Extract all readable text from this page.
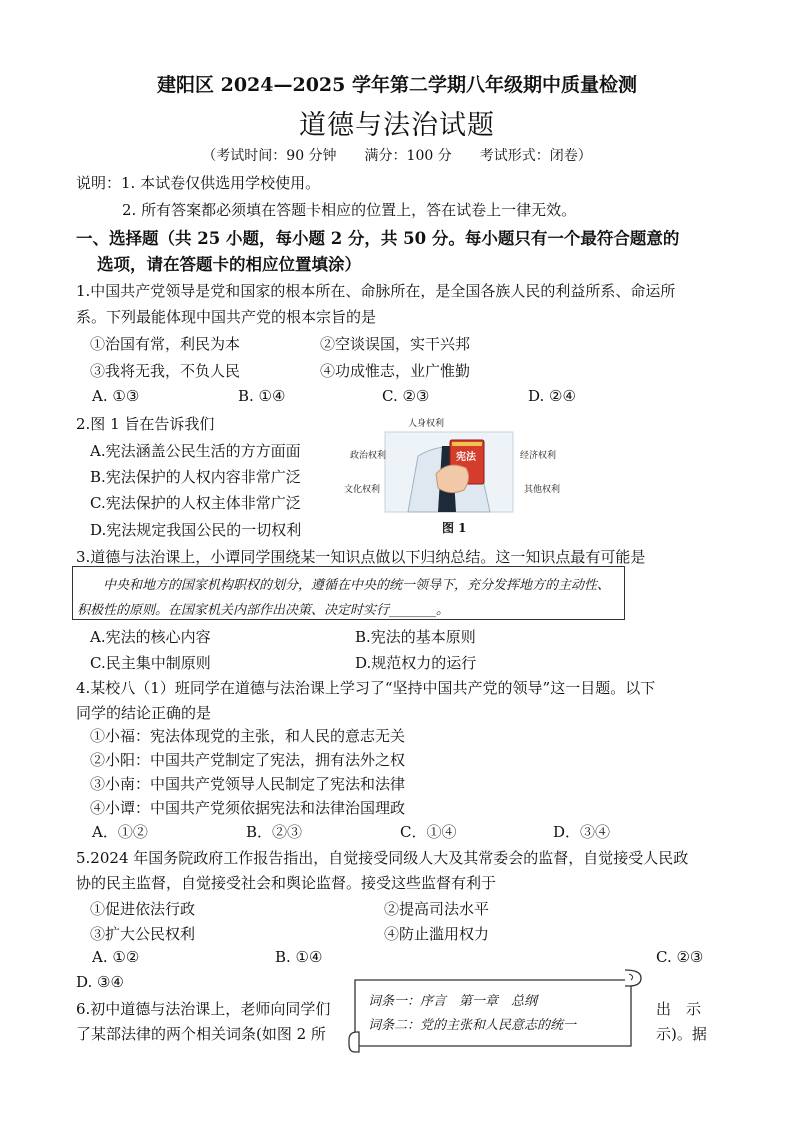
建阳区 2024—2025 学年第二学期八年级期中质量检测
道德与法治试题
（考试时间：90 分钟　　满分：100 分　　考试形式：闭卷）
说明：1. 本试卷仅供选用学校使用。
2. 所有答案都必须填在答题卡相应的位置上，答在试卷上一律无效。
一、选择题（共 25 小题，每小题 2 分，共 50 分。每小题只有一个最符合题意的
选项，请在答题卡的相应位置填涂）
1.中国共产党领导是党和国家的根本所在、命脉所在，是全国各族人民的利益所系、命运所
系。下列最能体现中国共产党的根本宗旨的是
①治国有常，利民为本	②空谈误国，实干兴邦
③我将无我，不负人民	④功成惟志，业广惟勤
A. ①③	B. ①④	C. ②③	D. ②④
2.图 1 旨在告诉我们
A.宪法涵盖公民生活的方方面面
B.宪法保护的人权内容非常广泛
C.宪法保护的人权主体非常广泛
D.宪法规定我国公民的一切权利
人身权利
政治权利
文化权利
经济权利
其他权利
宪法
图 1
3.道德与法治课上，小谭同学围绕某一知识点做以下归纳总结。这一知识点最有可能是
中央和地方的国家机构职权的划分，遵循在中央的统一领导下，充分发挥地方的主动性、
积极性的原则。在国家机关内部作出决策、决定时实行______。
A.宪法的核心内容	B.宪法的基本原则
C.民主集中制原则	D.规范权力的运行
4.某校八（1）班同学在道德与法治课上学习了“坚持中国共产党的领导”这一目题。以下
同学的结论正确的是
①小福：宪法体现党的主张，和人民的意志无关
②小阳：中国共产党制定了宪法，拥有法外之权
③小南：中国共产党领导人民制定了宪法和法律
④小谭：中国共产党须依据宪法和法律治国理政
A．①②	B．②③	C．①④	D．③④
5.2024 年国务院政府工作报告指出，自觉接受同级人大及其常委会的监督，自觉接受人民政
协的民主监督，自觉接受社会和舆论监督。接受这些监督有利于
①促进依法行政	②提高司法水平
③扩大公民权利	④防止滥用权力
A. ①②	B. ①④	C. ②③
D. ③④
6.初中道德与法治课上，老师向同学们	出　示
了某部法律的两个相关词条(如图 2 所	示)。据
词条一：序言　第一章　总纲
词条二：党的主张和人民意志的统一
